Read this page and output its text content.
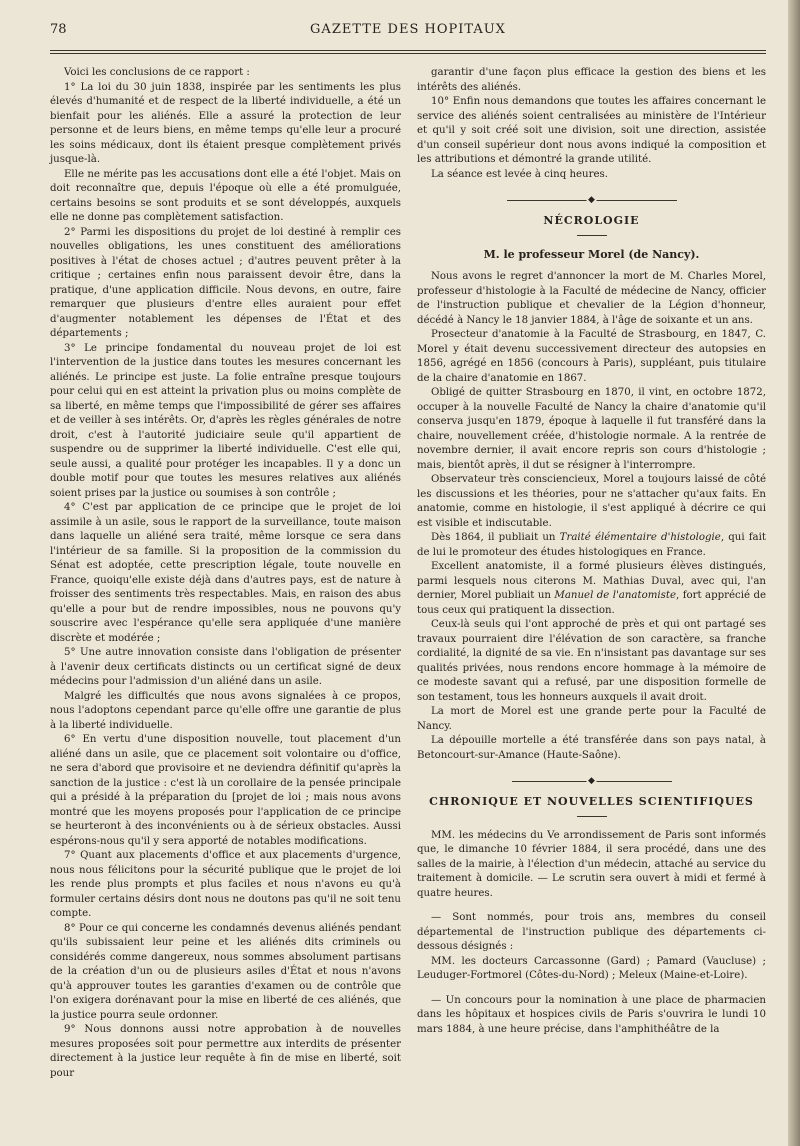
78	GAZETTE DES HOPITAUX

Voici les conclusions de ce rapport :

1° La loi du 30 juin 1838, inspirée par les sentiments les plus élevés d'humanité et de respect de la liberté individuelle, a été un bienfait pour les aliénés. Elle a assuré la protection de leur personne et de leurs biens, en même temps qu'elle leur a procuré les soins médicaux, dont ils étaient presque complètement privés jusque-là.

Elle ne mérite pas les accusations dont elle a été l'objet. Mais on doit reconnaître que, depuis l'époque où elle a été promulguée, certains besoins se sont produits et se sont développés, auxquels elle ne donne pas complètement satisfaction.

2° Parmi les dispositions du projet de loi destiné à remplir ces nouvelles obligations, les unes constituent des améliorations positives à l'état de choses actuel ; d'autres peuvent prêter à la critique ; certaines enfin nous paraissent devoir être, dans la pratique, d'une application difficile. Nous devons, en outre, faire remarquer que plusieurs d'entre elles auraient pour effet d'augmenter notablement les dépenses de l'État et des départements ;

3° Le principe fondamental du nouveau projet de loi est l'intervention de la justice dans toutes les mesures concernant les aliénés. Le principe est juste. La folie entraîne presque toujours pour celui qui en est atteint la privation plus ou moins complète de sa liberté, en même temps que l'impossibilité de gérer ses affaires et de veiller à ses intérêts. Or, d'après les règles générales de notre droit, c'est à l'autorité judiciaire seule qu'il appartient de suspendre ou de supprimer la liberté individuelle. C'est elle qui, seule aussi, a qualité pour protéger les incapables. Il y a donc un double motif pour que toutes les mesures relatives aux aliénés soient prises par la justice ou soumises à son contrôle ;

4° C'est par application de ce principe que le projet de loi assimile à un asile, sous le rapport de la surveillance, toute maison dans laquelle un aliéné sera traité, même lorsque ce sera dans l'intérieur de sa famille. Si la proposition de la commission du Sénat est adoptée, cette prescription légale, toute nouvelle en France, quoiqu'elle existe déjà dans d'autres pays, est de nature à froisser des sentiments très respectables. Mais, en raison des abus qu'elle a pour but de rendre impossibles, nous ne pouvons qu'y souscrire avec l'espérance qu'elle sera appliquée d'une manière discrète et modérée ;

5° Une autre innovation consiste dans l'obligation de présenter à l'avenir deux certificats distincts ou un certificat signé de deux médecins pour l'admission d'un aliéné dans un asile.

Malgré les difficultés que nous avons signalées à ce propos, nous l'adoptons cependant parce qu'elle offre une garantie de plus à la liberté individuelle.

6° En vertu d'une disposition nouvelle, tout placement d'un aliéné dans un asile, que ce placement soit volontaire ou d'office, ne sera d'abord que provisoire et ne deviendra définitif qu'après la sanction de la justice : c'est là un corollaire de la pensée principale qui a présidé à la préparation du [projet de loi ; mais nous avons montré que les moyens proposés pour l'application de ce principe se heurteront à des inconvénients ou à de sérieux obstacles. Aussi espérons-nous qu'il y sera apporté de notables modifications.

7° Quant aux placements d'office et aux placements d'urgence, nous nous félicitons pour la sécurité publique que le projet de loi les rende plus prompts et plus faciles et nous n'avons eu qu'à formuler certains désirs dont nous ne doutons pas qu'il ne soit tenu compte.

8° Pour ce qui concerne les condamnés devenus aliénés pendant qu'ils subissaient leur peine et les aliénés dits criminels ou considérés comme dangereux, nous sommes absolument partisans de la création d'un ou de plusieurs asiles d'État et nous n'avons qu'à approuver toutes les garanties d'examen ou de contrôle que l'on exigera dorénavant pour la mise en liberté de ces aliénés, que la justice pourra seule ordonner.

9° Nous donnons aussi notre approbation à de nouvelles mesures proposées soit pour permettre aux interdits de présenter directement à la justice leur requête à fin de mise en liberté, soit pour

garantir d'une façon plus efficace la gestion des biens et les intérêts des aliénés.

10° Enfin nous demandons que toutes les affaires concernant le service des aliénés soient centralisées au ministère de l'Intérieur et qu'il y soit créé soit une division, soit une direction, assistée d'un conseil supérieur dont nous avons indiqué la composition et les attributions et démontré la grande utilité.

La séance est levée à cinq heures.

◆
NÉCROLOGIE
M. le professeur Morel (de Nancy).

Nous avons le regret d'annoncer la mort de M. Charles Morel, professeur d'histologie à la Faculté de médecine de Nancy, officier de l'instruction publique et chevalier de la Légion d'honneur, décédé à Nancy le 18 janvier 1884, à l'âge de soixante et un ans.

Prosecteur d'anatomie à la Faculté de Strasbourg, en 1847, C. Morel y était devenu successivement directeur des autopsies en 1856, agrégé en 1856 (concours à Paris), suppléant, puis titulaire de la chaire d'anatomie en 1867.

Obligé de quitter Strasbourg en 1870, il vint, en octobre 1872, occuper à la nouvelle Faculté de Nancy la chaire d'anatomie qu'il conserva jusqu'en 1879, époque à laquelle il fut transféré dans la chaire, nouvellement créée, d'histologie normale. A la rentrée de novembre dernier, il avait encore repris son cours d'histologie ; mais, bientôt après, il dut se résigner à l'interrompre.

Observateur très consciencieux, Morel a toujours laissé de côté les discussions et les théories, pour ne s'attacher qu'aux faits. En anatomie, comme en histologie, il s'est appliqué à décrire ce qui est visible et indiscutable.

Dès 1864, il publiait un Traité élémentaire d'histologie, qui fait de lui le promoteur des études histologiques en France.

Excellent anatomiste, il a formé plusieurs élèves distingués, parmi lesquels nous citerons M. Mathias Duval, avec qui, l'an dernier, Morel publiait un Manuel de l'anatomiste, fort apprécié de tous ceux qui pratiquent la dissection.

Ceux-là seuls qui l'ont approché de près et qui ont partagé ses travaux pourraient dire l'élévation de son caractère, sa franche cordialité, la dignité de sa vie. En n'insistant pas davantage sur ses qualités privées, nous rendons encore hommage à la mémoire de ce modeste savant qui a refusé, par une disposition formelle de son testament, tous les honneurs auxquels il avait droit.

La mort de Morel est une grande perte pour la Faculté de Nancy.

La dépouille mortelle a été transférée dans son pays natal, à Betoncourt-sur-Amance (Haute-Saône).

◆
CHRONIQUE ET NOUVELLES SCIENTIFIQUES

MM. les médecins du Ve arrondissement de Paris sont informés que, le dimanche 10 février 1884, il sera procédé, dans une des salles de la mairie, à l'élection d'un médecin, attaché au service du traitement à domicile. — Le scrutin sera ouvert à midi et fermé à quatre heures.

— Sont nommés, pour trois ans, membres du conseil départemental de l'instruction publique des départements ci-dessous désignés :

MM. les docteurs Carcassonne (Gard) ; Pamard (Vaucluse) ; Leuduger-Fortmorel (Côtes-du-Nord) ; Meleux (Maine-et-Loire).

— Un concours pour la nomination à une place de pharmacien dans les hôpitaux et hospices civils de Paris s'ouvrira le lundi 10 mars 1884, à une heure précise, dans l'amphithéâtre de la
